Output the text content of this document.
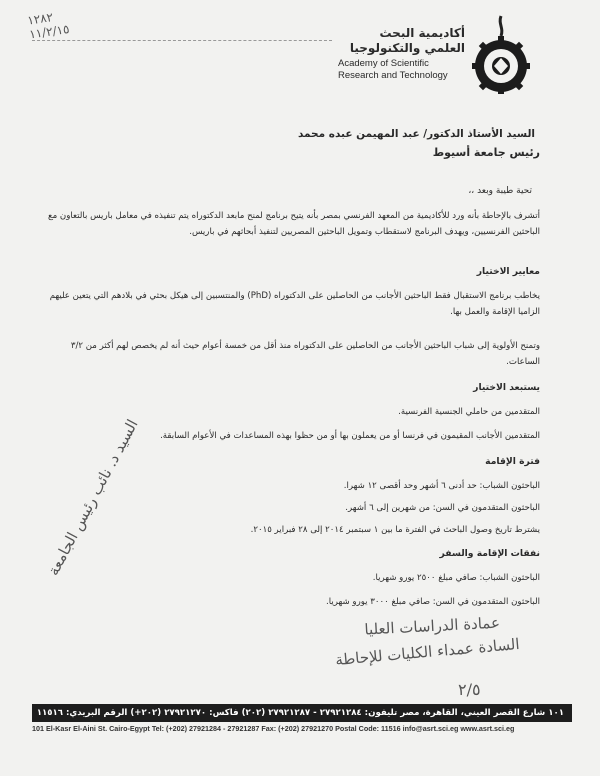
١٢٨٢
١١/٢/١٥	أكاديمية البحث العلمي والتكنولوجيا
Academy of Scientific
Research and Technology
السيد الأستاذ الدكتور/ عبد المهيمن عبده محمد
رئيس جامعة أسيوط
تحية طيبة وبعد ،،
أتشرف بالإحاطة بأنه ورد للأكاديمية من المعهد الفرنسي بمصر بأنه يتيح برنامج لمنح مابعد الدكتوراه يتم تنفيذه في معامل باريس بالتعاون مع الباحثين الفرنسيين، ويهدف البرنامج لاستقطاب وتمويل الباحثين المصريين لتنفيذ أبحاثهم في باريس.
معايير الاختيار
يخاطب برنامج الاستقبال فقط الباحثين الأجانب من الحاصلين على الدكتوراه (PhD) والمنتسبين إلى هيكل بحثي في بلادهم التي يتعين عليهم الزاميا الإقامة والعمل بها.
وتمنح الأولوية إلى شباب الباحثين الأجانب من الحاصلين على الدكتوراه منذ أقل من خمسة أعوام حيث أنه لم يخصص لهم أكثر من ٣/٢ الساعات.
يستبعد الاختيار
المتقدمين من حاملي الجنسية الفرنسية.
المتقدمين الأجانب المقيمون في فرنسا أو من يعملون بها أو من حظوا بهذه المساعدات في الأعوام السابقة.
فترة الإقامة
الباحثون الشباب: حد أدنى ٦ أشهر وحد أقصى ١٢ شهرا.
الباحثون المتقدمون في السن: من شهرين إلى ٦ أشهر.
يشترط تاريخ وصول الباحث في الفترة ما بين ١ سبتمبر ٢٠١٤ إلى ٢٨ فبراير ٢٠١٥.
نفقات الإقامة والسفر
الباحثون الشباب: صافي مبلغ ٢٥٠٠ يورو شهريا.
الباحثون المتقدمون في السن: صافي مبلغ ٣٠٠٠ يورو شهريا.
السيد د. نائب رئيس الجامعة
عمادة الدراسات العليا
السادة عمداء الكليات للإحاطة
٢/٥
١٠١ شارع القصر العيني، القاهرة، مصر تليفون: ٢٧٩٢١٢٨٤ - ٢٧٩٢١٢٨٧ (٢٠٢) فاكس: ٢٧٩٢١٢٧٠ (٢٠٢+) الرقم البريدي: ١١٥١٦
101 El-Kasr El-Aini St. Cairo-Egypt Tel: (+202) 27921284 - 27921287 Fax: (+202) 27921270 Postal Code: 11516 info@asrt.sci.eg www.asrt.sci.eg
